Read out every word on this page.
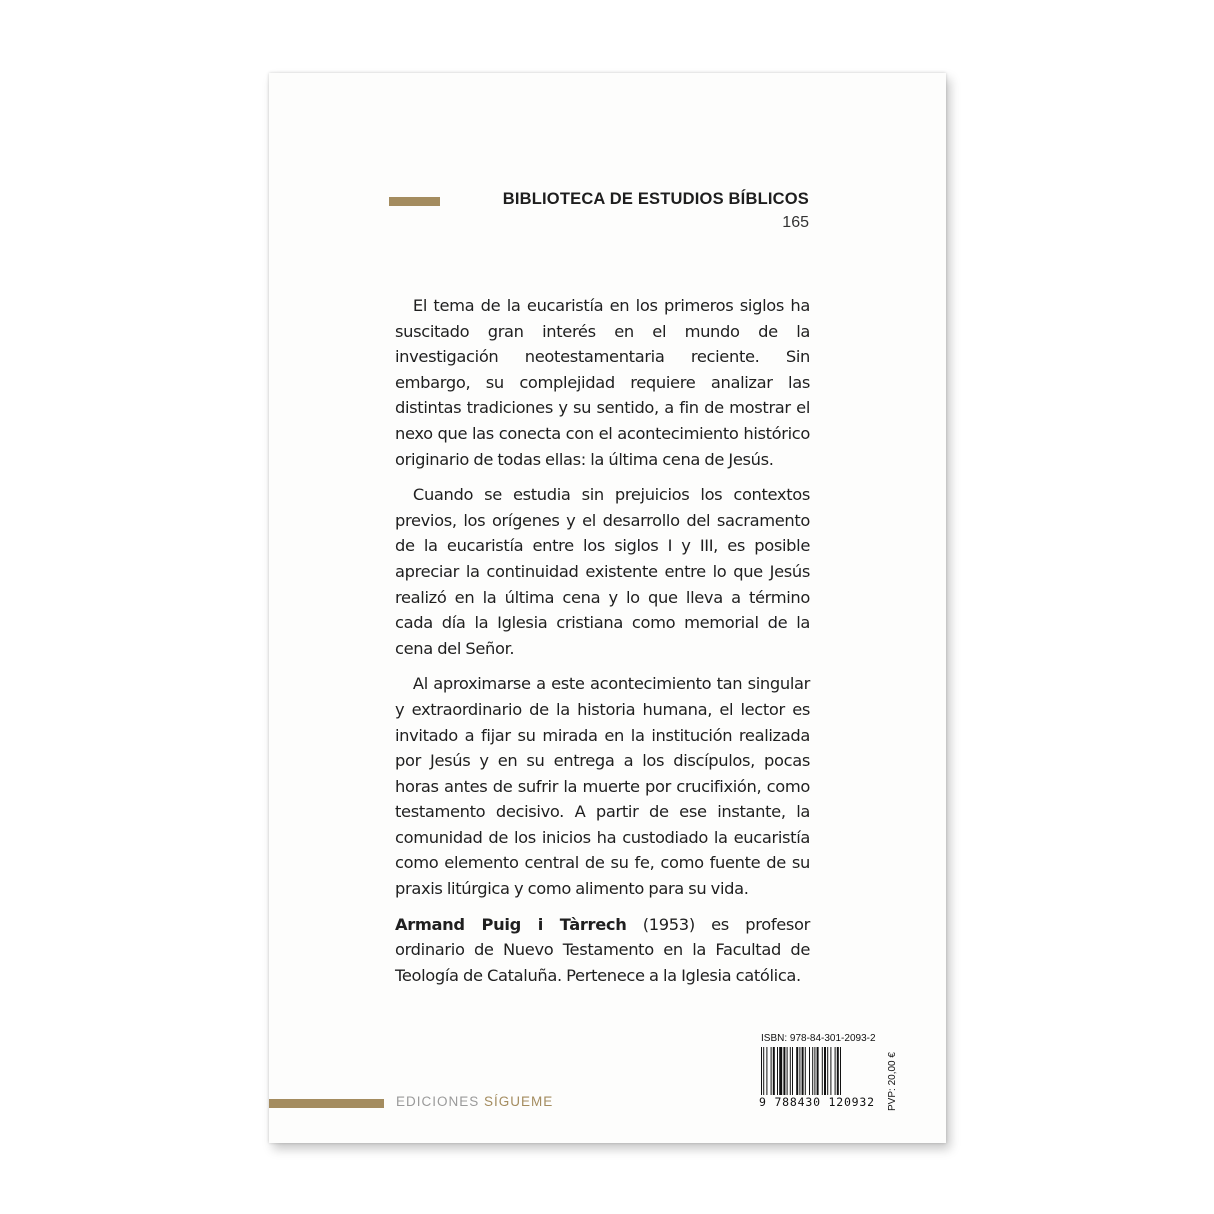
BIBLIOTECA DE ESTUDIOS BÍBLICOS
165

El tema de la eucaristía en los primeros siglos ha suscitado gran interés en el mundo de la investigación neotestamentaria reciente. Sin embargo, su complejidad requiere analizar las distintas tradiciones y su sentido, a fin de mostrar el nexo que las conecta con el acontecimiento histórico originario de todas ellas: la última cena de Jesús.

Cuando se estudia sin prejuicios los contextos previos, los orígenes y el desarrollo del sacramento de la eucaristía entre los siglos I y III, es posible apreciar la continuidad existente entre lo que Jesús realizó en la última cena y lo que lleva a término cada día la Iglesia cristiana como memorial de la cena del Señor.

Al aproximarse a este acontecimiento tan singular y extraordinario de la historia humana, el lector es invitado a fijar su mirada en la institución realizada por Jesús y en su entrega a los discípulos, pocas horas antes de sufrir la muerte por crucifixión, como testamento decisivo. A partir de ese instante, la comunidad de los inicios ha custodiado la eucaristía como elemento central de su fe, como fuente de su praxis litúrgica y como alimento para su vida.

Armand Puig i Tàrrech (1953) es profesor ordinario de Nuevo Testamento en la Facultad de Teología de Cataluña. Pertenece a la Iglesia católica.

EDICIONES SÍGUEME
ISBN: 978-84-301-2093-2
9 788430 120932	PVP: 20,00 €
